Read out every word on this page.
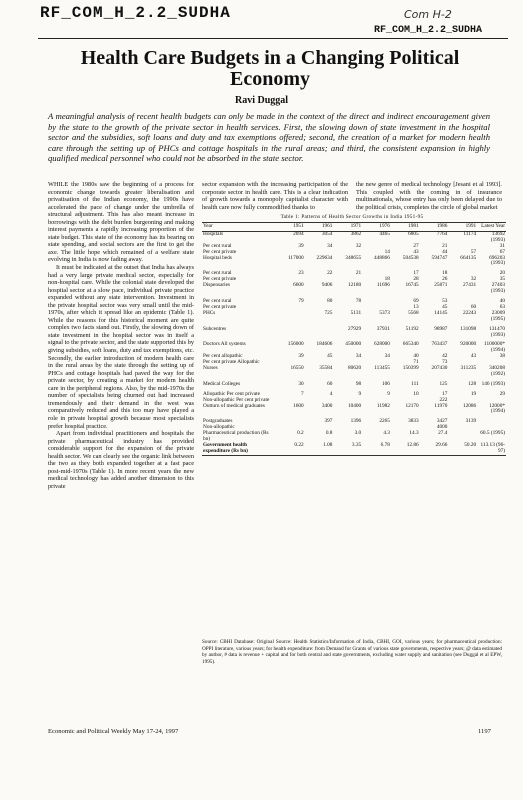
RF_COM_H_2.2_SUDHA	Com H-2
RF_COM_H_2.2_SUDHA
Health Care Budgets in a Changing Political Economy
Ravi Duggal
A meaningful analysis of recent health budgets can only be made in the context of the direct and indirect encouragement given by the state to the growth of the private sector in health services. First, the slowing down of state investment in the hospital sector and the subsidies, soft loans and duty and tax exemptions offered; second, the creation of a market for modern health care through the setting up of PHCs and cottage hospitals in the rural areas; and third, the consistent expansion in highly qualified medical personnel who could not be absorbed in the state sector.

WHILE the 1980s saw the beginning of a process for economic change towards greater liberalisation and privatisation of the Indian economy, the 1990s have accelerated the pace of change under the umbrella of structural adjustment. This has also meant increase in borrowings with the debt burden burgeoning and making interest payments a rapidly increasing proportion of the state budget. This state of the economy has its bearing on state spending, and social sectors are the first to get the axe. The little hope which remained of a welfare state evolving in India is now fading away.

It must be indicated at the outset that India has always had a very large private medical sector, especially for non-hospital care. While the colonial state developed the hospital sector at a slow pace, individual private practice expanded without any state intervention. Investment in the private hospital sector was very small until the mid-1970s, after which it spread like an epidemic (Table 1). While the reasons for this historical moment are quite complex two facts stand out. Firstly, the slowing down of state investment in the hospital sector was in itself a signal to the private sector, and the state supported this by giving subsidies, soft loans, duty and tax exemptions, etc. Secondly, the earlier introduction of modern health care in the rural areas by the state through the setting up of PHCs and cottage hospitals had paved the way for the private sector, by creating a market for modern health care in the peripheral regions. Also, by the mid-1970s the number of specialists being churned out had increased tremendously and their demand in the west was comparatively reduced and this too may have played a role in private hospital growth because most specialists prefer hospital practice.

Apart from individual practitioners and hospitals the private pharmaceutical industry has provided considerable support for the expansion of the private health sector. We can clearly see the organic link between the two as they both expanded together at a fast pace post-mid-1970s (Table 1). In more recent years the new medical technology has added another dimension to this private

sector expansion with the increasing participation of the corporate sector in health care. This is a clear indication of growth towards a monopoly capitalist character with health care now fully commodified thanks to

the new genre of medical technology [Jesani et al 1993]. This coupled with the coming in of insurance multinationals, whose entry has only been delayed due to the political crisis, completes the circle of global market

Table 1: Patterns of Health Sector Growths in India 1951-95
Year	1951	1961	1971	1976	1981	1986	1991	Latest Year
Hospitals	2694	3054	3862	4465	6805	7764	11174	13692 (1993)
Per cent rural	39	34	32		27	21		31
Per cent private				14	43	44	57	67
Hospital beds	117000	229634	348655	448866	504538	594747	664135	696203 (1993)

Per cent rural	23	22	21		17	18		20
Per cent private				18	28	26	32	35
Dispensaries	6600	9406	12180	11696	16745	25871	27431	27403 (1993)

Per cent rural	79	80	78		69	53		40
Per cent private					13	45	60	63
PHCs		725	5131	5373	5568	14145	22243	23009 (1995)

Subcentres			27929	37931	51192	98987	131098	131470 (1993)

Doctors All systems	156000	184606	450000	628000	665340	763437	920000	1100000* (1994)
Per cent allopathic	39	45	34	34	40	42	43	38
Per cent private Allopathic					71	73		
Nurses	16550	35584	80620	113455	150399	207430	311235	340208 (1992)

Medical Colleges	30	60	98	106	111	125	128	146 (1993)

Allopathic Per cent private	7	4	9	9	10	17	19	29
Non-allopathic Per cent private						222		
Outturn of medical graduates	1600	3400	10400	11982	12170	11970	12086	12000* (1994)

Postgraduates		397	1396	2265	3833	3427	3139	
Non-allopathic						4000		
Pharmaceutical production (Rs bn)	0.2	0.8	3.0	4.3	14.3	27.4		60.5 (1995)
Government health expenditure (Rs bn)	0.22	1.08	3.35	6.78	12.86	29.66	50.20	113.13 (96-97)
Source: CBHI Database: Original Source: Health Statistics/Information of India, CBHI, GOI, various years; for pharmaceutical production: OPPI literature, various years; for health expenditure: from Demand for Grants of various state governments, respective years; @ data estimated by author, # data is revenue + capital and for both central and state governments, excluding water supply and sanitation (see Duggal et al EPW, 1995).
Economic and Political Weekly May 17-24, 1997	1197
